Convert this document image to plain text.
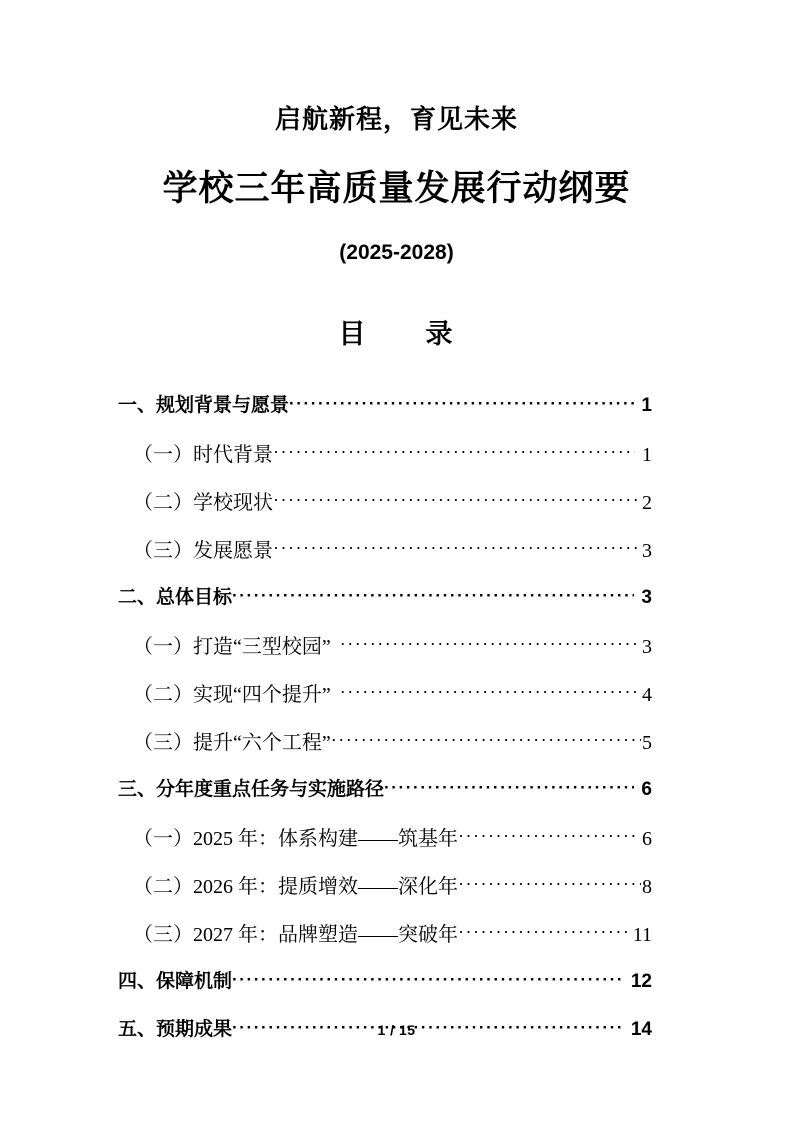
启航新程，育见未来
学校三年高质量发展行动纲要
(2025-2028)
目　　录
一、规划背景与愿景 ·····	1
（一）时代背景 ·····	1
（二）学校现状 ·····	2
（三）发展愿景 ·····	3
二、总体目标 ·····	3
（一）打造“三型校园” ·····	3
（二）实现“四个提升” ·····	4
（三）提升“六个工程” ·····	5
三、分年度重点任务与实施路径 ·····	6
（一）2025 年：体系构建——筑基年 ·····	6
（二）2026 年：提质增效——深化年 ·····	8
（三）2027 年：品牌塑造——突破年 ·····	11
四、保障机制 ·····	12
五、预期成果 ·····	14
1 / 15
